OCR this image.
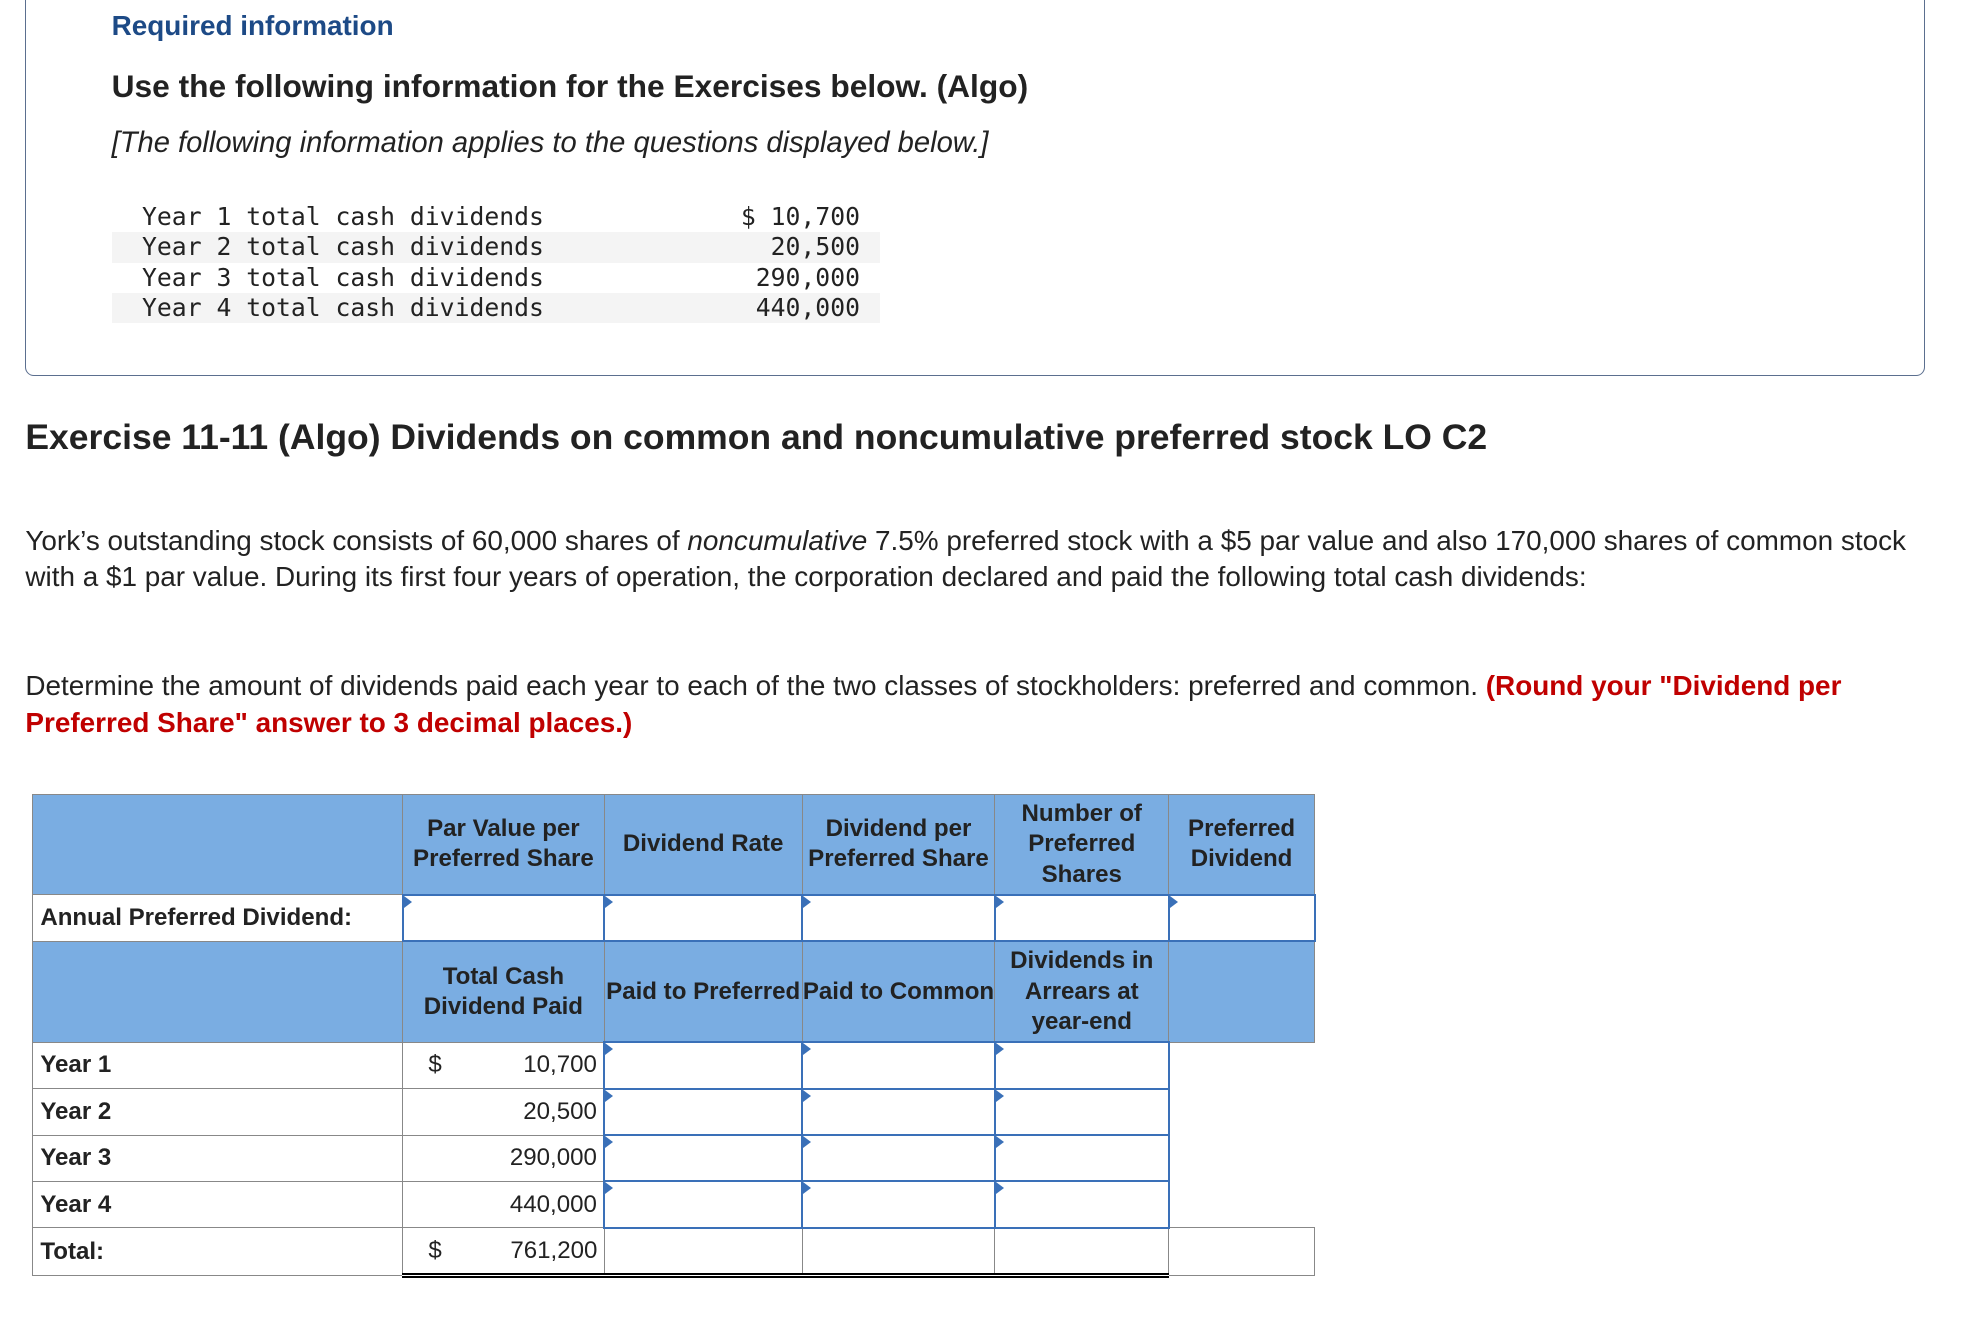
Required information
Use the following information for the Exercises below. (Algo)
[The following information applies to the questions displayed below.]
Year 1 total cash dividends	$ 10,700
Year 2 total cash dividends	20,500
Year 3 total cash dividends	290,000
Year 4 total cash dividends	440,000
Exercise 11-11 (Algo) Dividends on common and noncumulative preferred stock LO C2

York’s outstanding stock consists of 60,000 shares of noncumulative 7.5% preferred stock with a $5 par value and also 170,000 shares of common stock with a $1 par value. During its first four years of operation, the corporation declared and paid the following total cash dividends:

Determine the amount of dividends paid each year to each of the two classes of stockholders: preferred and common. (Round your "Dividend per Preferred Share" answer to 3 decimal places.)

	Par Value per Preferred Share	Dividend Rate	Dividend per Preferred Share	Number of Preferred Shares	Preferred Dividend
Annual Preferred Dividend:					
	Total Cash Dividend Paid	Paid to Preferred	Paid to Common	Dividends in Arrears at year-end	
Year 1	$ 10,700				

Year 2	20,500				

Year 3	290,000				

Year 4	440,000				

Total:	$ 761,200				
